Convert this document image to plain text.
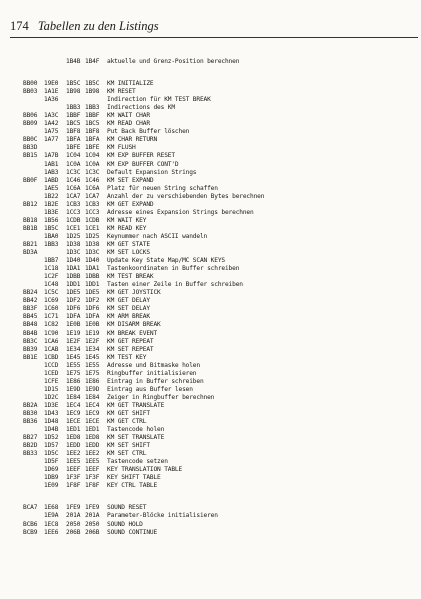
174 Tabellen zu den Listings
1B4B 1B4F aktuelle und Grenz-Position berechnen
BB00 19E0 1B5C 1B5C KM INITIALIZE
BB03 1A1E 1B98 1B98 KM RESET
1A36	Indirection für KM TEST BREAK
1BB3 1BB3 Indirections des KM
BB06 1A3C 1BBF 1BBF KM WAIT CHAR
BB09 1A42 1BC5 1BC5 KM READ CHAR
1A75 1BF8 1BF8 Put Back Buffer löschen
BB0C 1A77 1BFA 1BFA KM CHAR RETURN
BB3D	1BFE 1BFE KM FLUSH
BB15 1A7B 1C04 1C04 KM EXP BUFFER RESET
1AB1 1C0A 1C0A KM EXP BUFFER CONT'D
1AB3 1C3C 1C3C Default Expansion Strings
BB0F 1ABD 1C46 1C46 KM SET EXPAND
1AE5 1C6A 1C6A Platz für neuen String schaffen
1B22 1CA7 1CA7 Anzahl der zu verschiebenden Bytes berechnen
BB12 1B2E 1CB3 1CB3 KM GET EXPAND
1B3E 1CC3 1CC3 Adresse eines Expansion Strings berechnen
BB18 1B56 1CDB 1CDB KM WAIT KEY
BB1B 1B5C 1CE1 1CE1 KM READ KEY
1BA0 1D25 1D25 Keynummer nach ASCII wandeln
BB21 1BB3 1D38 1D38 KM GET STATE
BD3A	1D3C 1D3C KM SET LOCKS
1BB7 1D40 1D40 Update Key State Map/MC SCAN KEYS
1C18 1DA1 1DA1 Tastenkoordinaten in Buffer schreiben
1C2F 1DBB 1DBB KM TEST BREAK
1C48 1DD1 1DD1 Tasten einer Zeile in Buffer schreiben
BB24 1C5C 1DE5 1DE5 KM GET JOYSTICK
BB42 1C69 1DF2 1DF2 KM GET DELAY
BB3F 1C60 1DF6 1DF6 KM SET DELAY
BB45 1C71 1DFA 1DFA KM ARM BREAK
BB48 1C82 1E0B 1E0B KM DISARM BREAK
BB4B 1C90 1E19 1E19 KM BREAK EVENT
BB3C 1CA6 1E2F 1E2F KM GET REPEAT
BB39 1CAB 1E34 1E34 KM SET REPEAT
BB1E 1CBD 1E45 1E45 KM TEST KEY
1CCD 1E55 1E55 Adresse und Bitmaske holen
1CED 1E75 1E75 Ringbuffer initialisieren
1CFE 1E86 1E86 Eintrag in Buffer schreiben
1D15 1E9D 1E9D Eintrag aus Buffer lesen
1D2C 1E84 1E84 Zeiger in Ringbuffer berechnen
BB2A 1D3E 1EC4 1EC4 KM GET TRANSLATE
BB30 1D43 1EC9 1EC9 KM GET SHIFT
BB36 1D48 1ECE 1ECE KM GET CTRL
1D4B 1ED1 1ED1 Tastencode holen
BB27 1D52 1ED8 1ED8 KM SET TRANSLATE
BB2D 1D57 1EDD 1EDD KM SET SHIFT
BB33 1D5C 1EE2 1EE2 KM SET CTRL
1D5F 1EE5 1EE5 Tastencode setzen
1D69 1EEF 1EEF KEY TRANSLATION TABLE
1DB9 1F3F 1F3F KEY SHIFT TABLE
1E09 1F8F 1F8F KEY CTRL TABLE
BCA7 1E68 1FE9 1FE9 SOUND RESET
1E9A 201A 201A Parameter-Blöcke initialisieren
BCB6 1EC8 2050 2050 SOUND HOLD
BCB9 1EE6 206B 206B SOUND CONTINUE
